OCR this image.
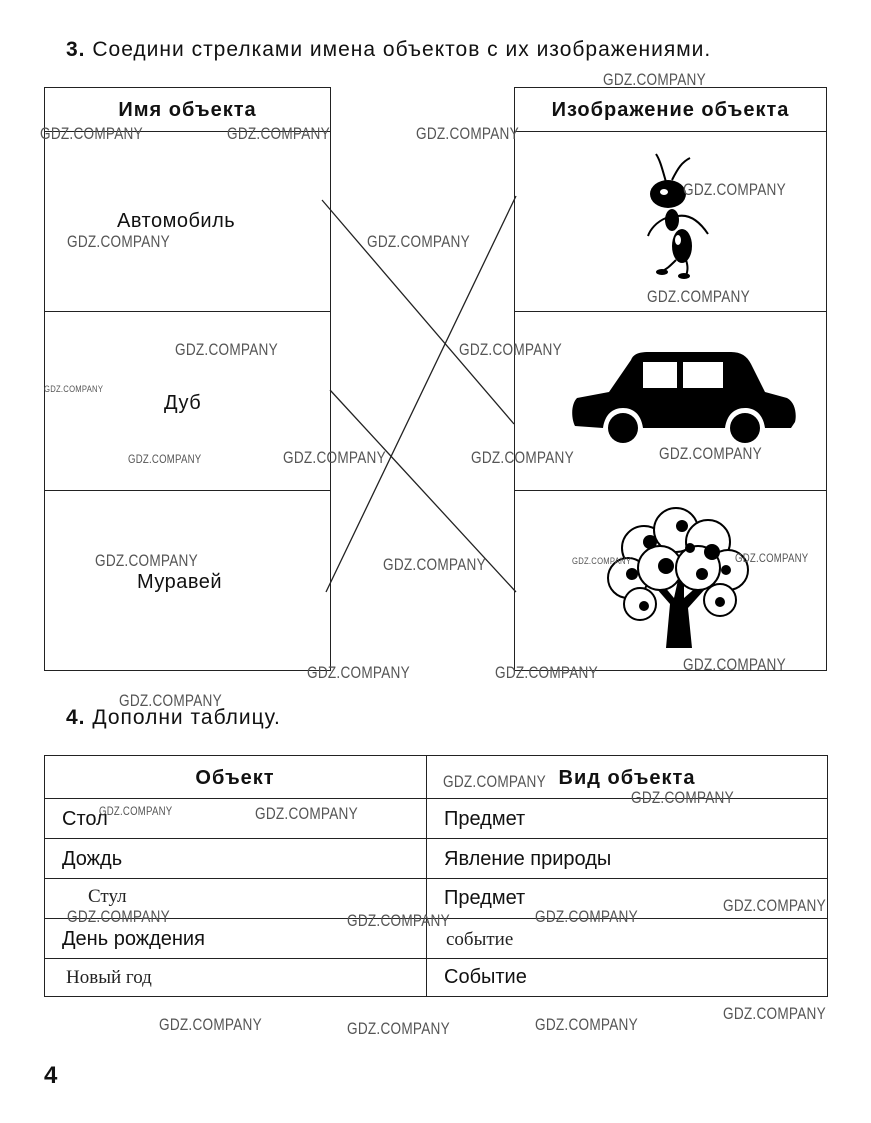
3. Соедини стрелками имена объектов с их изображениями.
Имя объекта
Автомобиль
Дуб
Муравей
Изображение объекта
4. Дополни таблицу.
Объект	Вид объекта
Стол	Предмет
Дождь	Явление природы
Стул	Предмет
День рождения	событие
Новый год	Событие
4
GDZ.COMPANY
GDZ.COMPANY	GDZ.COMPANY	GDZ.COMPANY
GDZ.COMPANY
GDZ.COMPANY	GDZ.COMPANY
GDZ.COMPANY
GDZ.COMPANY	GDZ.COMPANY
GDZ.COMPANY
GDZ.COMPANY	GDZ.COMPANY	GDZ.COMPANY	GDZ.COMPANY
GDZ.COMPANY	GDZ.COMPANY	GDZ.COMPANY	GDZ.COMPANY
GDZ.COMPANY	GDZ.COMPANY	GDZ.COMPANY
GDZ.COMPANY
GDZ.COMPANY
GDZ.COMPANY
GDZ.COMPANY	GDZ.COMPANY
GDZ.COMPANY
GDZ.COMPANY	GDZ.COMPANY	GDZ.COMPANY
GDZ.COMPANY
GDZ.COMPANY	GDZ.COMPANY	GDZ.COMPANY
